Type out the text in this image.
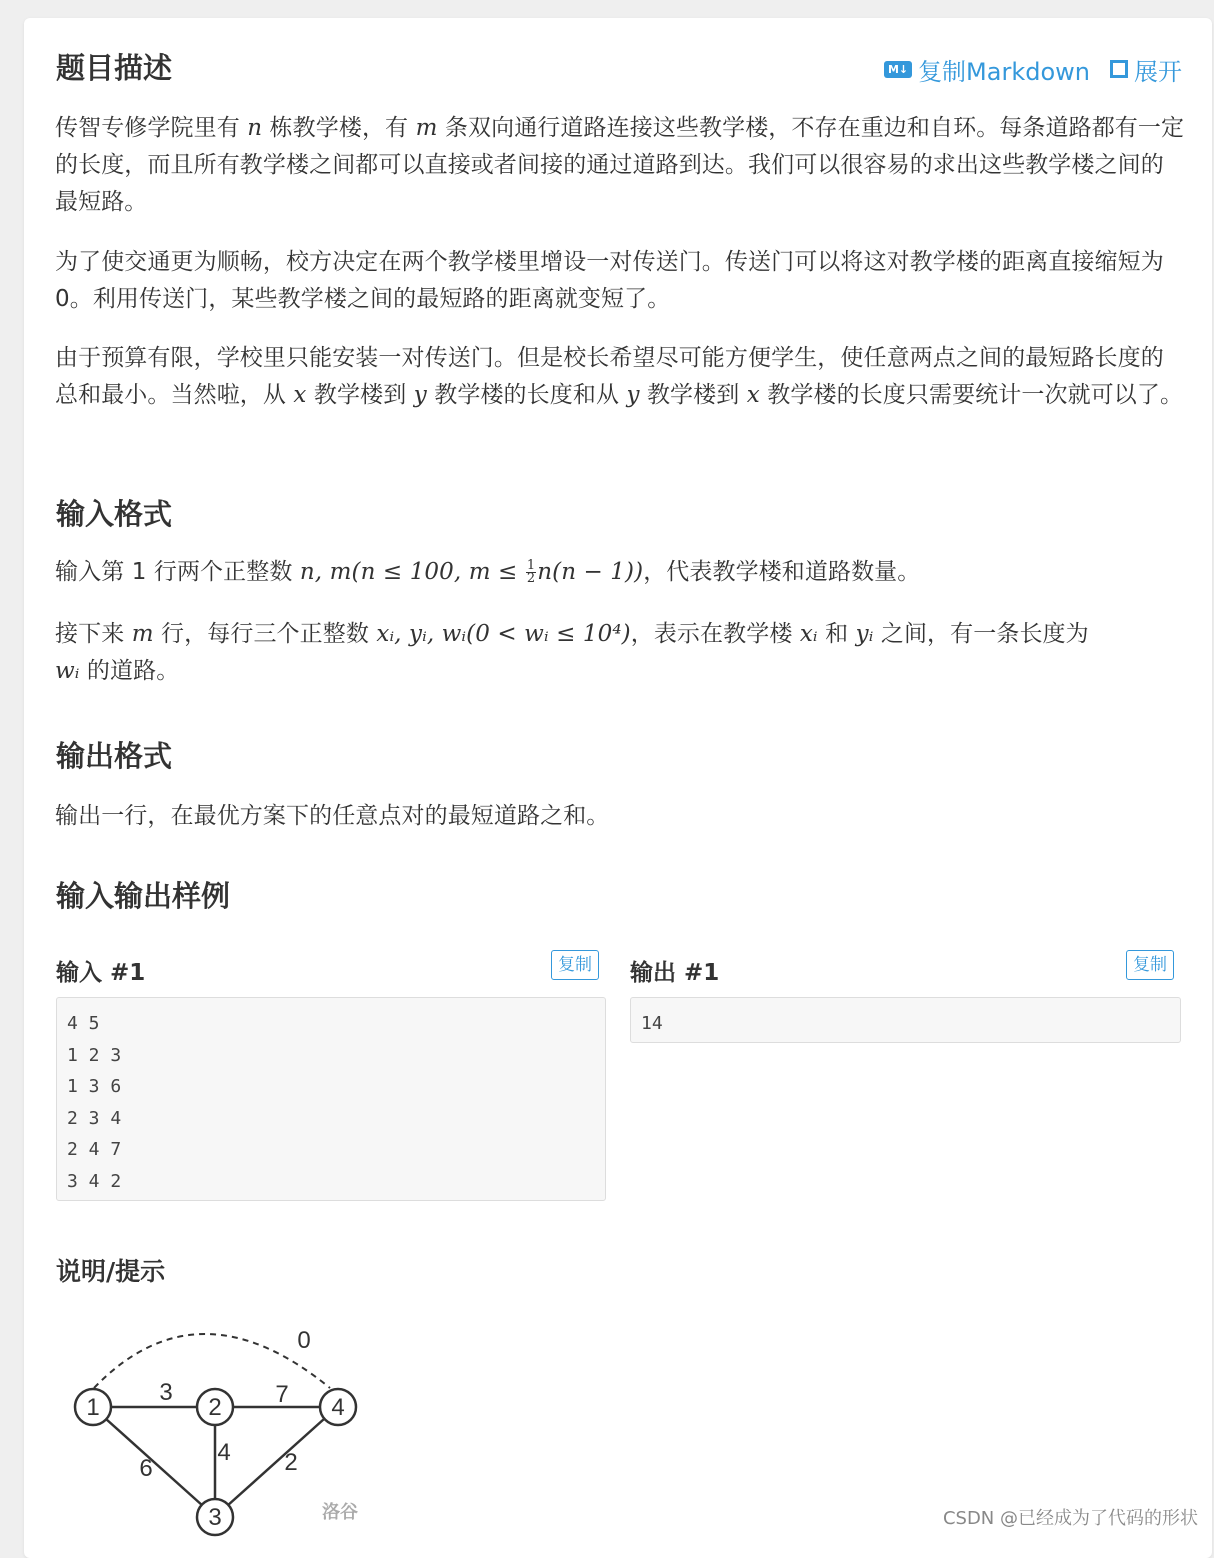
题目描述	M↓ 复制Markdown 展开

传智专修学院里有 n 栋教学楼，有 m 条双向通行道路连接这些教学楼，不存在重边和自环。每条道路都有一定的长度，而且所有教学楼之间都可以直接或者间接的通过道路到达。我们可以很容易的求出这些教学楼之间的最短路。

为了使交通更为顺畅，校方决定在两个教学楼里增设一对传送门。传送门可以将这对教学楼的距离直接缩短为 0。利用传送门，某些教学楼之间的最短路的距离就变短了。

由于预算有限，学校里只能安装一对传送门。但是校长希望尽可能方便学生，使任意两点之间的最短路长度的总和最小。当然啦，从 x 教学楼到 y 教学楼的长度和从 y 教学楼到 x 教学楼的长度只需要统计一次就可以了。

输入格式

输入第 1 行两个正整数 n, m(n ≤ 100, $m \le \frac{1}{2} n(n - 1)$)，代表教学楼和道路数量。

接下来 m 行，每行三个正整数 xᵢ, yᵢ, wᵢ(0 < wᵢ ≤ 10⁴)，表示在教学楼 xᵢ 和 yᵢ 之间，有一条长度为
wᵢ 的道路。

输出格式

输出一行，在最优方案下的任意点对的最短道路之和。

输入输出样例
输入 #1	复制
4 5
1 2 3
1 3 6
2 3 4
2 4 7
3 4 2
输出 #1	复制
14
说明/提示
1	2
3
4
3	7
6
4 2
0
洛谷
CSDN @已经成为了代码的形状
